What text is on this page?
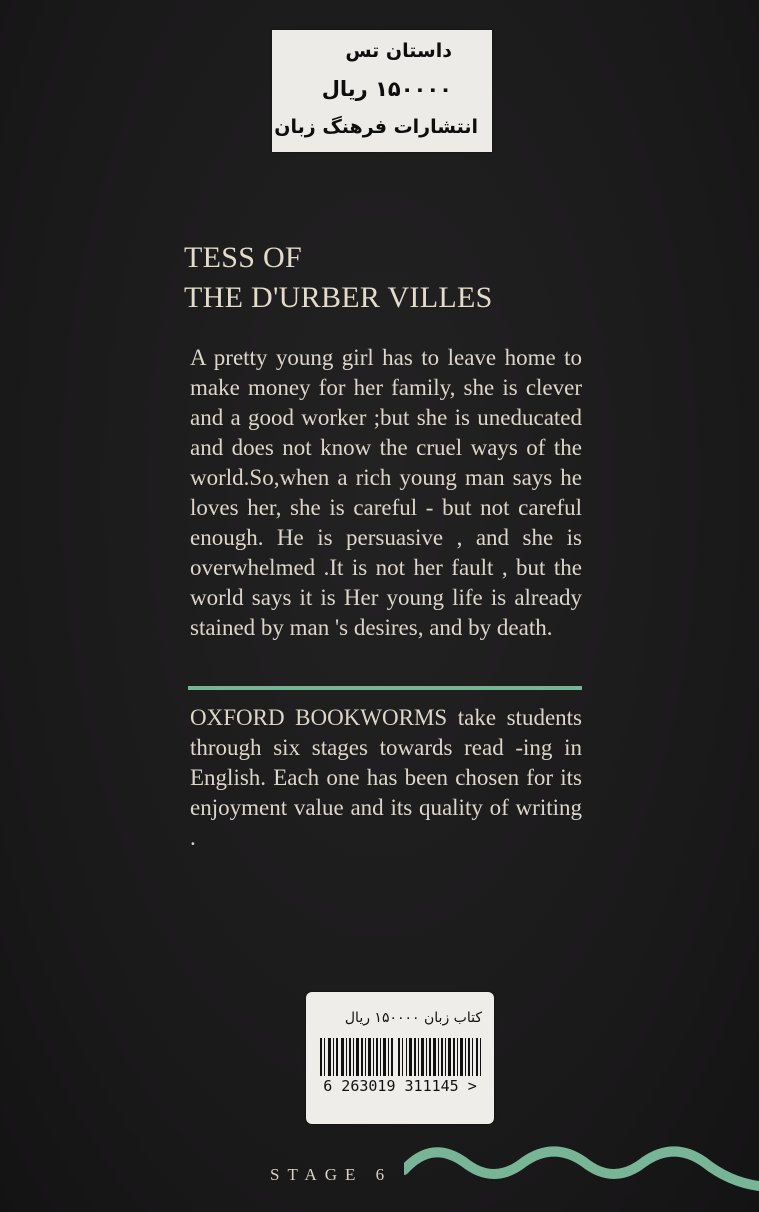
داستان تس
۱۵۰۰۰۰ ریال
انتشارات فرهنگ زبان
TESS OF
THE D'URBER VILLES
A pretty young girl has to leave home to make money for her family, she is clever and a good worker ;but she is uneducated and does not know the cruel ways of the world.So,when a rich young man says he loves her, she is careful - but not careful enough. He is persuasive , and she is overwhelmed .It is not her fault , but the world says it is Her young life is already stained by man 's desires, and by death.
OXFORD BOOKWORMS take students through six stages towards read -ing in English. Each one has been chosen for its enjoyment value and its quality of writing .
کتاب زبان ۱۵۰۰۰۰ ریال
6 263019 311145 >
STAGE 6
